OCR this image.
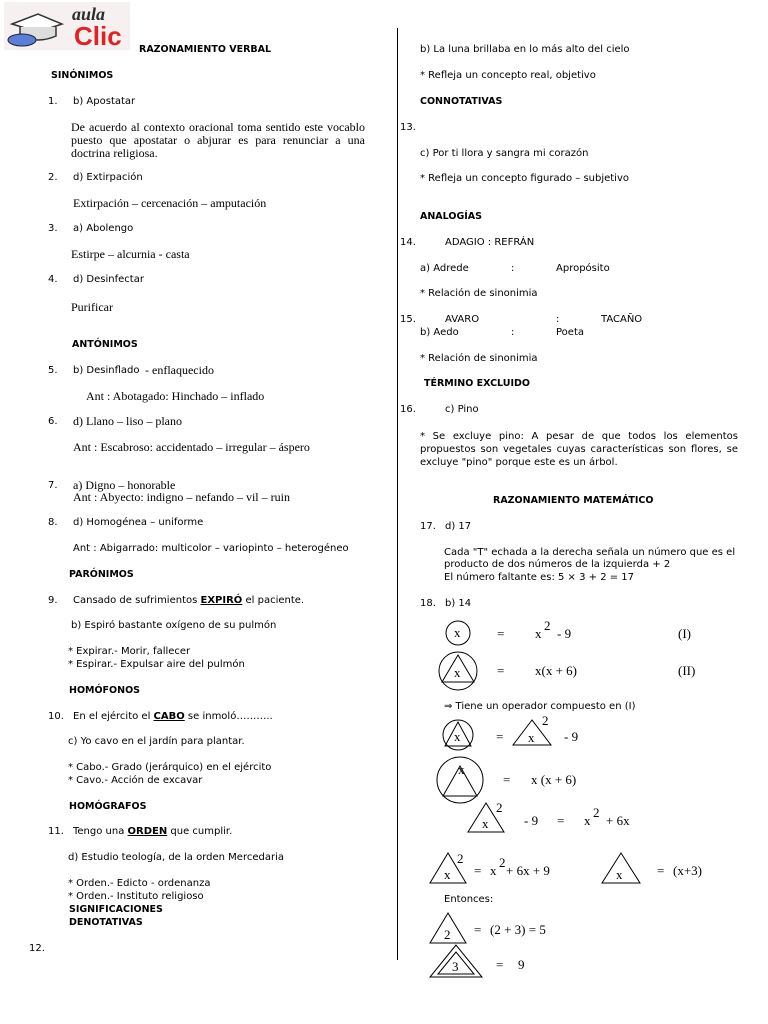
aula
Clic RAZONAMIENTO VERBAL
SINÓNIMOS
1. b) Apostatar
De acuerdo al contexto oracional toma sentido este vocablo puesto que apostatar o abjurar es para renunciar a una doctrina religiosa.
2. d) Extirpación
Extirpación – cercenación – amputación
3. a) Abolengo
Estirpe – alcurnia - casta
4. d) Desinfectar
Purificar
ANTÓNIMOS
5. b) Desinflado - enflaquecido
Ant : Abotagado: Hinchado – inflado
6. d) Llano – liso – plano
Ant : Escabroso: accidentado – irregular – áspero
7. a) Digno – honorable
Ant : Abyecto: indigno – nefando – vil – ruin
8. d) Homogénea – uniforme
Ant : Abigarrado: multicolor – variopinto – heterogéneo
PARÓNIMOS
9. Cansado de sufrimientos EXPIRÓ el paciente.
b) Espiró bastante oxígeno de su pulmón
* Expirar.- Morir, fallecer
* Espirar.- Expulsar aire del pulmón
HOMÓFONOS
10. En el ejército el CABO se inmoló………..
c) Yo cavo en el jardín para plantar.
* Cabo.- Grado (jerárquico) en el ejército
* Cavo.- Acción de excavar
HOMÓGRAFOS
11. Tengo una ORDEN que cumplir.
d) Estudio teología, de la orden Mercedaria
* Orden.- Edicto - ordenanza
* Orden.- Instituto religioso
SIGNIFICACIONES
DENOTATIVAS
12.
b) La luna brillaba en lo más alto del cielo
* Refleja un concepto real, objetivo
CONNOTATIVAS
13.
c) Por ti llora y sangra mi corazón
* Refleja un concepto figurado – subjetivo
ANALOGÍAS
14.	ADAGIO : REFRÁN
a) Adrede	:	Apropósito
* Relación de sinonimia
15.	AVARO	:	TACAÑO
b) Aedo	:	Poeta
* Relación de sinonimia
TÉRMINO EXCLUIDO
16.	c) Pino
* Se excluye pino: A pesar de que todos los elementos propuestos son vegetales cuyas características son flores, se excluye "pino" porque este es un árbol.
RAZONAMIENTO MATEMÁTICO
17. d) 17
Cada "T" echada a la derecha señala un número que es el
producto de dos números de la izquierda + 2
El número faltante es: 5 × 3 + 2 = 17
18. b) 14
x	= x
2
- 9	(I)
x	= x(x + 6)	(II)
⇒ Tiene un operador compuesto en (I)
x	= x
2
- 9
x
= x (x + 6)
x
2
- 9 = x
2
+ 6x
x
2
= x
2
+ 6x + 9	x	= (x+3)
Entonces:
2 = (2 + 3) = 5
3	= 9
